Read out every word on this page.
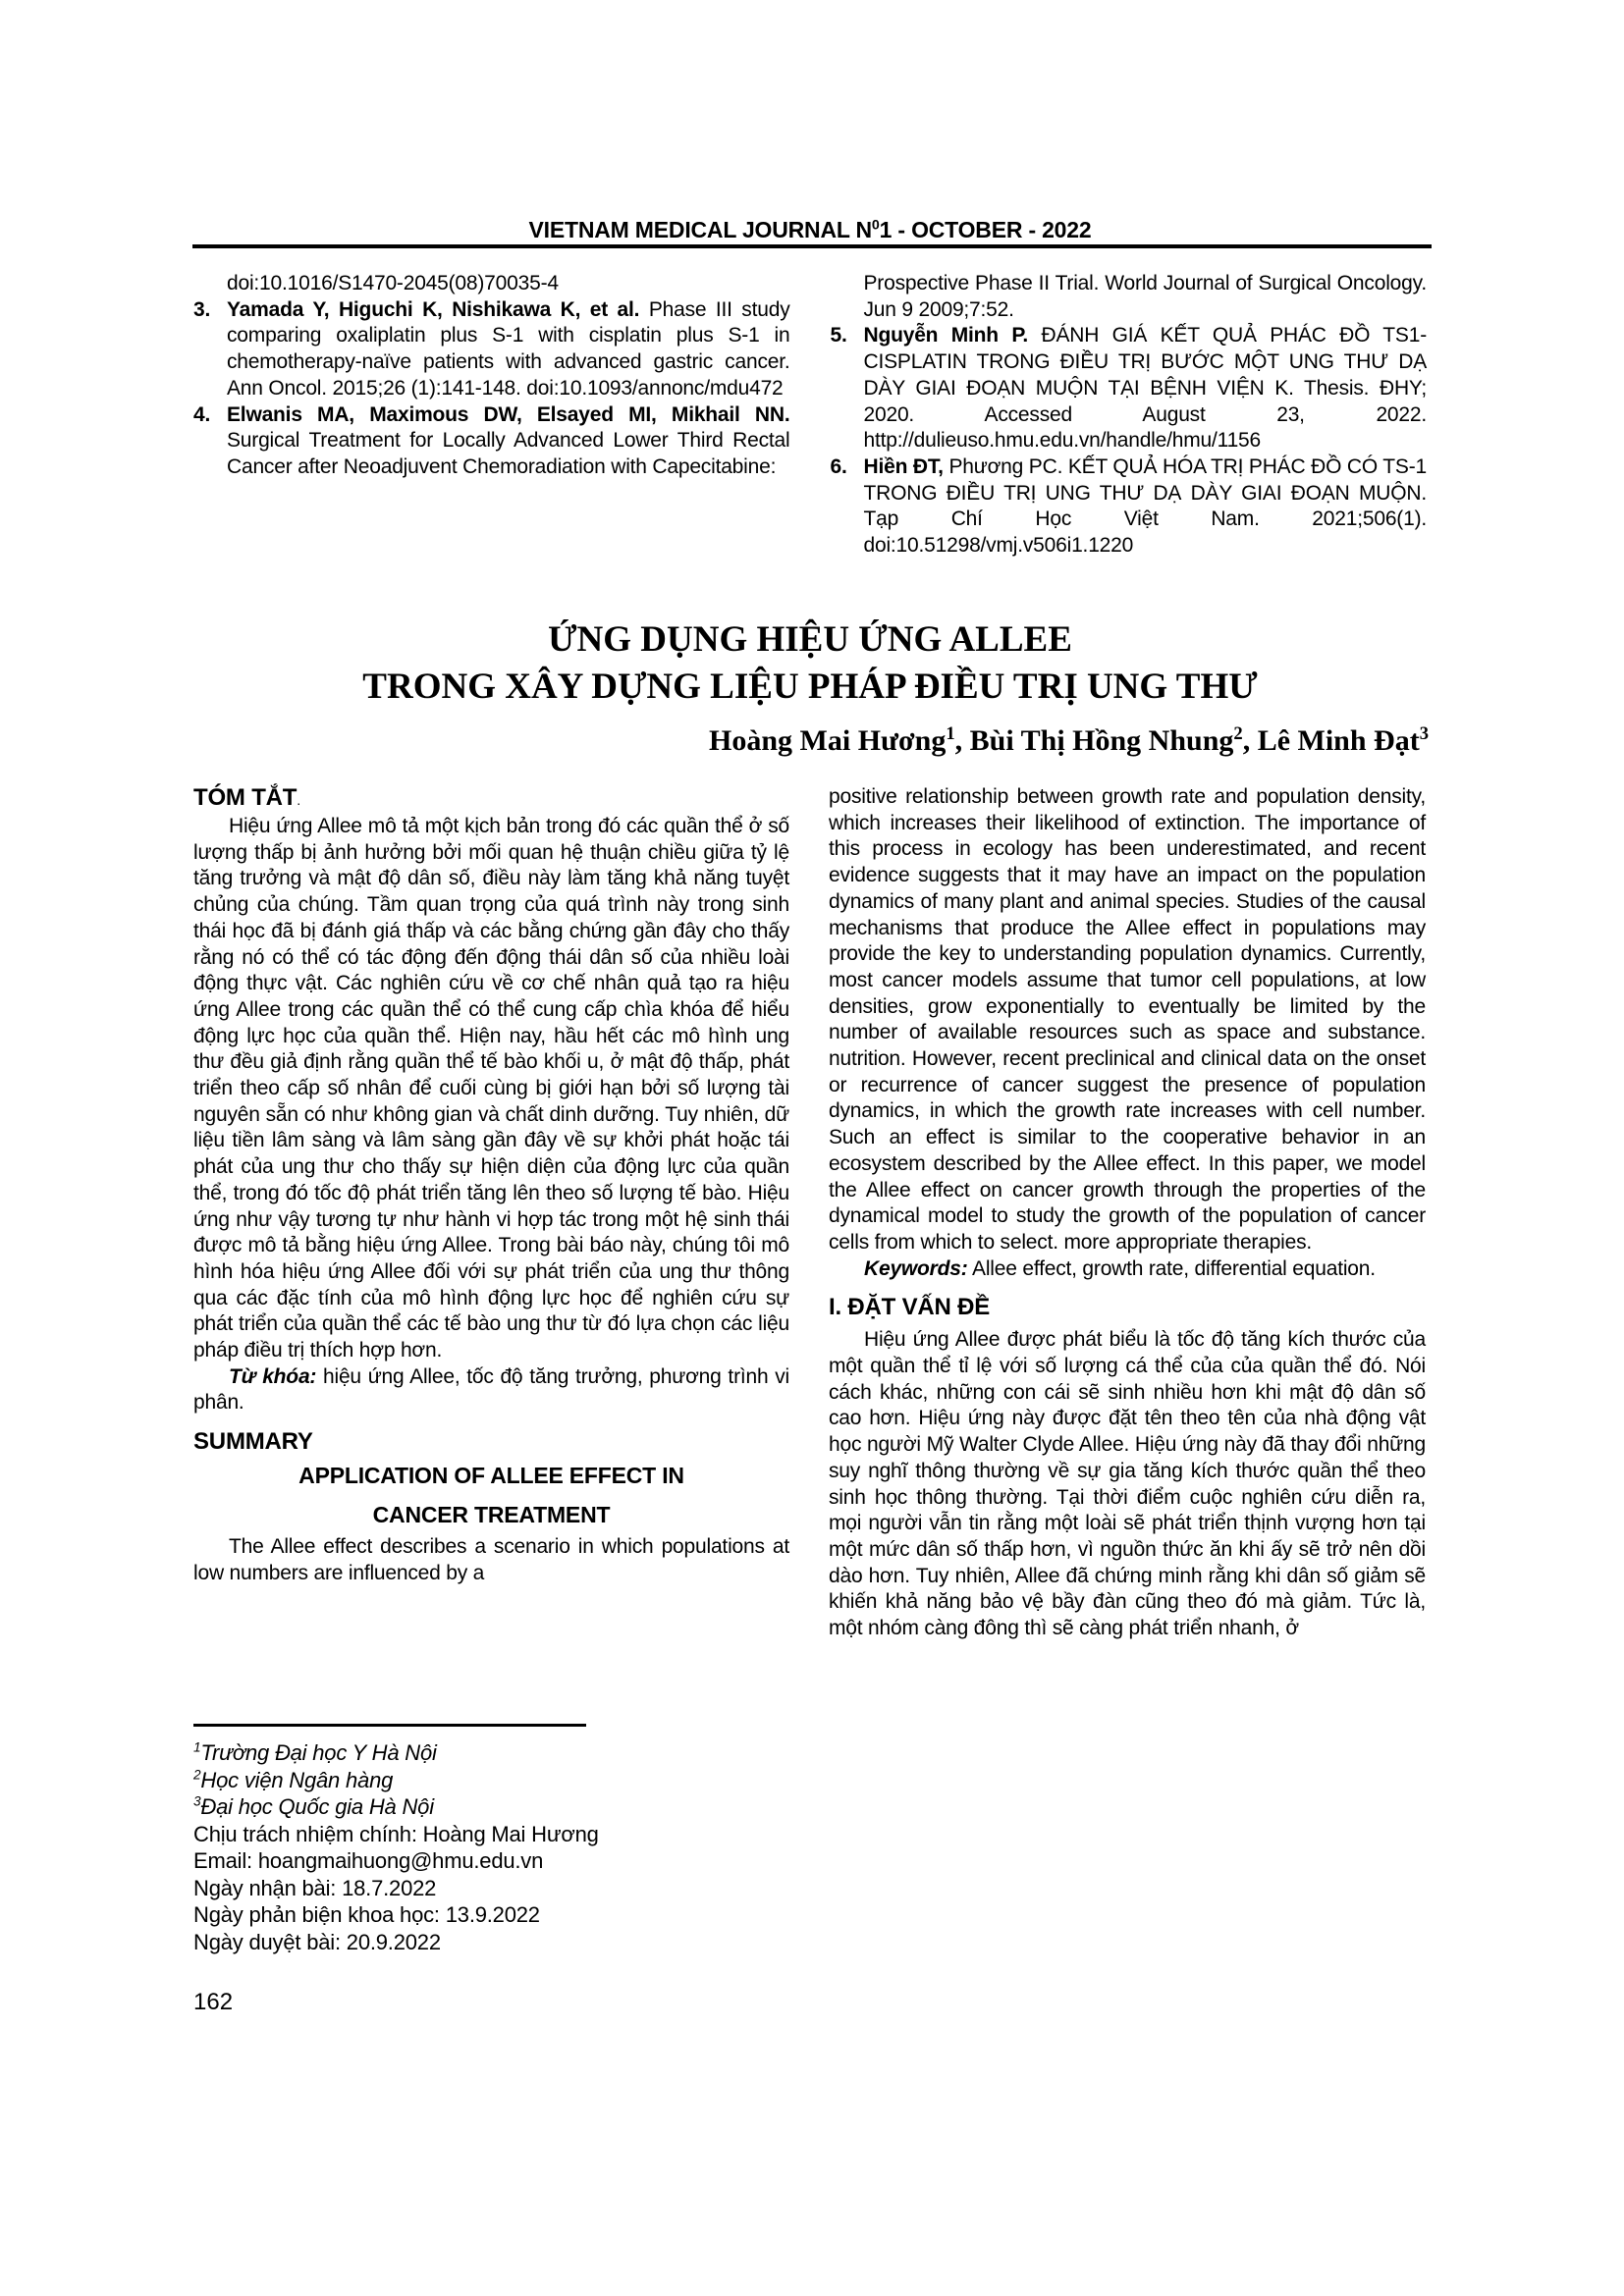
VIETNAM MEDICAL JOURNAL $N^01$ - OCTOBER - 2022

doi:10.1016/S1470-2045(08)70035-4

3. Yamada Y, Higuchi K, Nishikawa K, et al. Phase III study comparing oxaliplatin plus S-1 with cisplatin plus S-1 in chemotherapy-naïve patients with advanced gastric cancer. Ann Oncol. 2015;26 (1):141-148. doi:10.1093/annonc/mdu472

4. Elwanis MA, Maximous DW, Elsayed MI, Mikhail NN. Surgical Treatment for Locally Advanced Lower Third Rectal Cancer after Neoadjuvent Chemoradiation with Capecitabine:

Prospective Phase II Trial. World Journal of Surgical Oncology. Jun 9 2009;7:52.

5. Nguyễn Minh P. ĐÁNH GIÁ KẾT QUẢ PHÁC ĐỒ TS1-CISPLATIN TRONG ĐIỀU TRỊ BƯỚC MỘT UNG THƯ DẠ DÀY GIAI ĐOẠN MUỘN TẠI BỆNH VIỆN K. Thesis. ĐHY; 2020. Accessed August 23, 2022. http://dulieuso.hmu.edu.vn/handle/hmu/1156

6. Hiền ĐT, Phương PC. KẾT QUẢ HÓA TRỊ PHÁC ĐỒ CÓ TS-1 TRONG ĐIỀU TRỊ UNG THƯ DẠ DÀY GIAI ĐOẠN MUỘN. Tạp Chí Học Việt Nam. 2021;506(1). doi:10.51298/vmj.v506i1.1220

ỨNG DỤNG HIỆU ỨNG ALLEE
TRONG XÂY DỰNG LIỆU PHÁP ĐIỀU TRỊ UNG THƯ
Hoàng Mai Hương$^1$, Bùi Thị Hồng Nhung$^2$, Lê Minh Đạt$^3$
TÓM TẮT.

Hiệu ứng Allee mô tả một kịch bản trong đó các quần thể ở số lượng thấp bị ảnh hưởng bởi mối quan hệ thuận chiều giữa tỷ lệ tăng trưởng và mật độ dân số, điều này làm tăng khả năng tuyệt chủng của chúng. Tầm quan trọng của quá trình này trong sinh thái học đã bị đánh giá thấp và các bằng chứng gần đây cho thấy rằng nó có thể có tác động đến động thái dân số của nhiều loài động thực vật. Các nghiên cứu về cơ chế nhân quả tạo ra hiệu ứng Allee trong các quần thể có thể cung cấp chìa khóa để hiểu động lực học của quần thể. Hiện nay, hầu hết các mô hình ung thư đều giả định rằng quần thể tế bào khối u, ở mật độ thấp, phát triển theo cấp số nhân để cuối cùng bị giới hạn bởi số lượng tài nguyên sẵn có như không gian và chất dinh dưỡng. Tuy nhiên, dữ liệu tiền lâm sàng và lâm sàng gần đây về sự khởi phát hoặc tái phát của ung thư cho thấy sự hiện diện của động lực của quần thể, trong đó tốc độ phát triển tăng lên theo số lượng tế bào. Hiệu ứng như vậy tương tự như hành vi hợp tác trong một hệ sinh thái được mô tả bằng hiệu ứng Allee. Trong bài báo này, chúng tôi mô hình hóa hiệu ứng Allee đối với sự phát triển của ung thư thông qua các đặc tính của mô hình động lực học để nghiên cứu sự phát triển của quần thể các tế bào ung thư từ đó lựa chọn các liệu pháp điều trị thích hợp hơn.

Từ khóa: hiệu ứng Allee, tốc độ tăng trưởng, phương trình vi phân.

SUMMARY
APPLICATION OF ALLEE EFFECT IN
CANCER TREATMENT

The Allee effect describes a scenario in which populations at low numbers are influenced by a

positive relationship between growth rate and population density, which increases their likelihood of extinction. The importance of this process in ecology has been underestimated, and recent evidence suggests that it may have an impact on the population dynamics of many plant and animal species. Studies of the causal mechanisms that produce the Allee effect in populations may provide the key to understanding population dynamics. Currently, most cancer models assume that tumor cell populations, at low densities, grow exponentially to eventually be limited by the number of available resources such as space and substance. nutrition. However, recent preclinical and clinical data on the onset or recurrence of cancer suggest the presence of population dynamics, in which the growth rate increases with cell number. Such an effect is similar to the cooperative behavior in an ecosystem described by the Allee effect. In this paper, we model the Allee effect on cancer growth through the properties of the dynamical model to study the growth of the population of cancer cells from which to select. more appropriate therapies.

Keywords: Allee effect, growth rate, differential equation.

I. ĐẶT VẤN ĐỀ

Hiệu ứng Allee được phát biểu là tốc độ tăng kích thước của một quần thể tỉ lệ với số lượng cá thể của của quần thể đó. Nói cách khác, những con cái sẽ sinh nhiều hơn khi mật độ dân số cao hơn. Hiệu ứng này được đặt tên theo tên của nhà động vật học người Mỹ Walter Clyde Allee. Hiệu ứng này đã thay đổi những suy nghĩ thông thường về sự gia tăng kích thước quần thể theo sinh học thông thường. Tại thời điểm cuộc nghiên cứu diễn ra, mọi người vẫn tin rằng một loài sẽ phát triển thịnh vượng hơn tại một mức dân số thấp hơn, vì nguồn thức ăn khi ấy sẽ trở nên dồi dào hơn. Tuy nhiên, Allee đã chứng minh rằng khi dân số giảm sẽ khiến khả năng bảo vệ bầy đàn cũng theo đó mà giảm. Tức là, một nhóm càng đông thì sẽ càng phát triển nhanh, ở

$^1$Trường Đại học Y Hà Nội
$^2$Học viện Ngân hàng
$^3$Đại học Quốc gia Hà Nội
Chịu trách nhiệm chính: Hoàng Mai Hương
Email: hoangmaihuong@hmu.edu.vn
Ngày nhận bài: 18.7.2022
Ngày phản biện khoa học: 13.9.2022
Ngày duyệt bài: 20.9.2022
162
